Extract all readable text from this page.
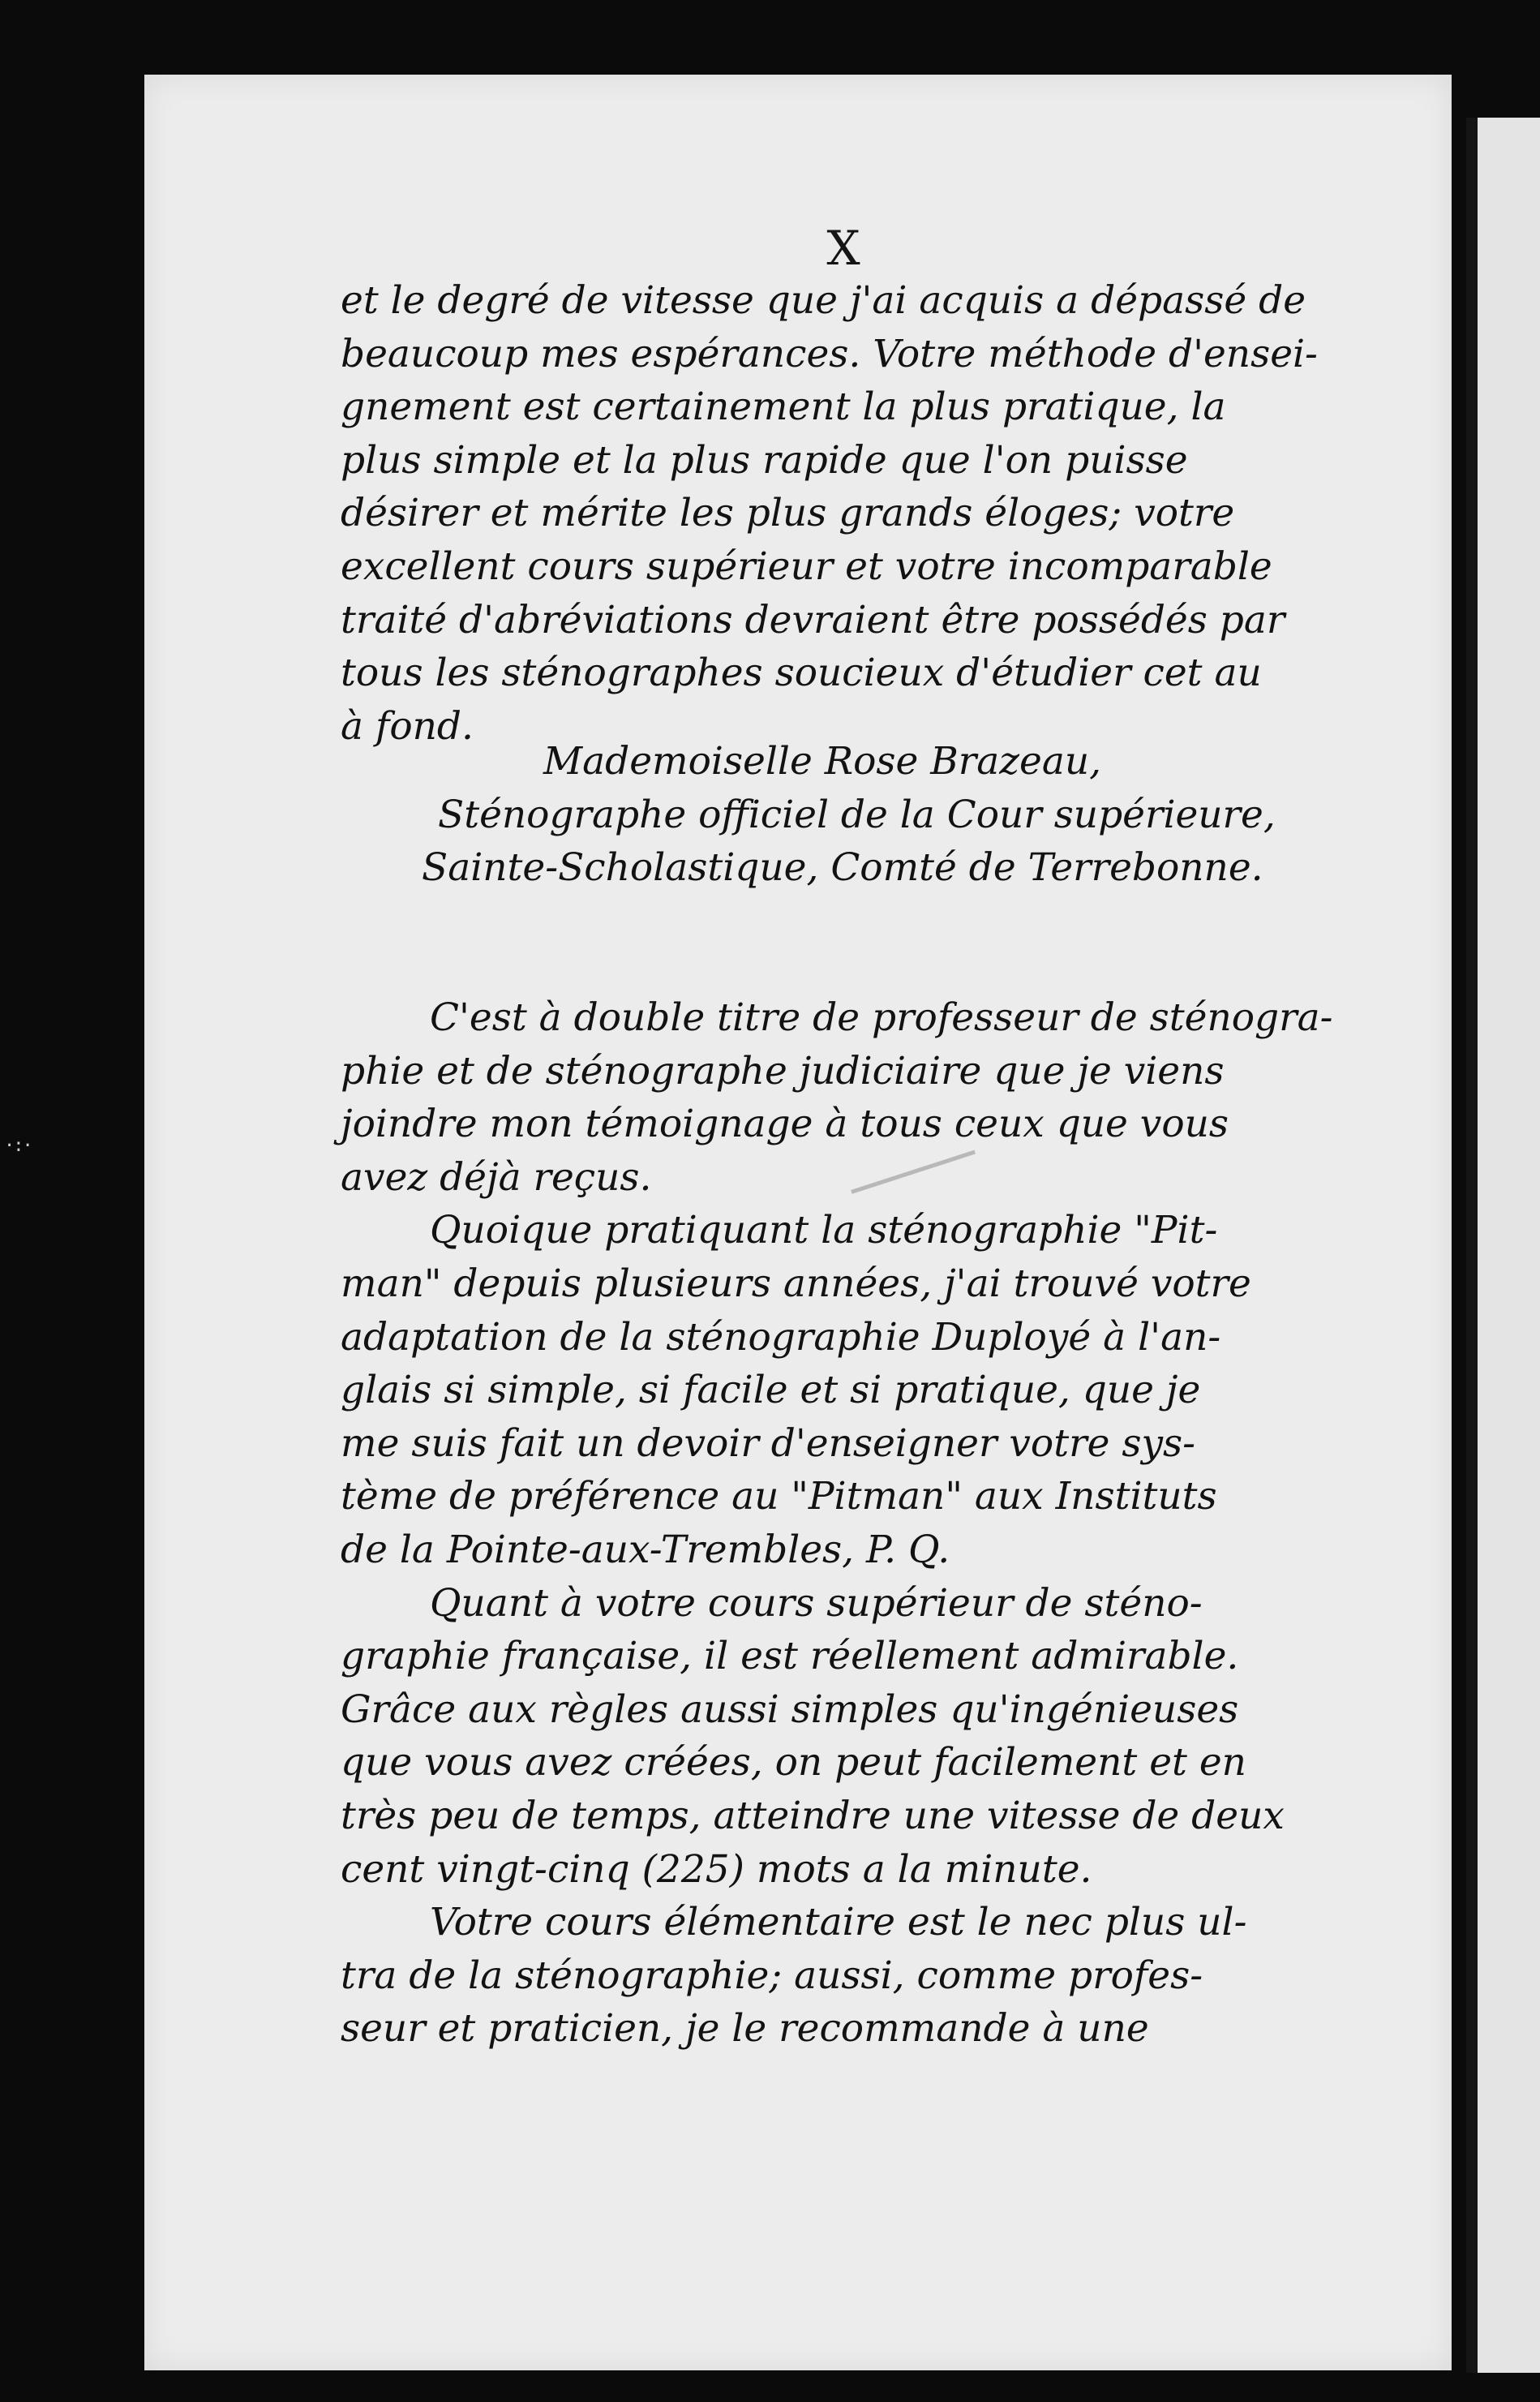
·:·
X
et le degré de vitesse que j'ai acquis a dépassé de
beaucoup mes espérances. Votre méthode d'ensei-
gnement est certainement la plus pratique, la
plus simple et la plus rapide que l'on puisse
désirer et mérite les plus grands éloges; votre
excellent cours supérieur et votre incomparable
traité d'abréviations devraient être possédés par
tous les sténographes soucieux d'étudier cet au
à fond.
Mademoiselle Rose Brazeau,
Sténographe officiel de la Cour supérieure,
Sainte-Scholastique, Comté de Terrebonne.
C'est à double titre de professeur de sténogra-
phie et de sténographe judiciaire que je viens
joindre mon témoignage à tous ceux que vous
avez déjà reçus.
Quoique pratiquant la sténographie "Pit-
man" depuis plusieurs années, j'ai trouvé votre
adaptation de la sténographie Duployé à l'an-
glais si simple, si facile et si pratique, que je
me suis fait un devoir d'enseigner votre sys-
tème de préférence au "Pitman" aux Instituts
de la Pointe-aux-Trembles, P. Q.
Quant à votre cours supérieur de sténo-
graphie française, il est réellement admirable.
Grâce aux règles aussi simples qu'ingénieuses
que vous avez créées, on peut facilement et en
très peu de temps, atteindre une vitesse de deux
cent vingt-cinq (225) mots a la minute.
Votre cours élémentaire est le nec plus ul-
tra de la sténographie; aussi, comme profes-
seur et praticien, je le recommande à une
